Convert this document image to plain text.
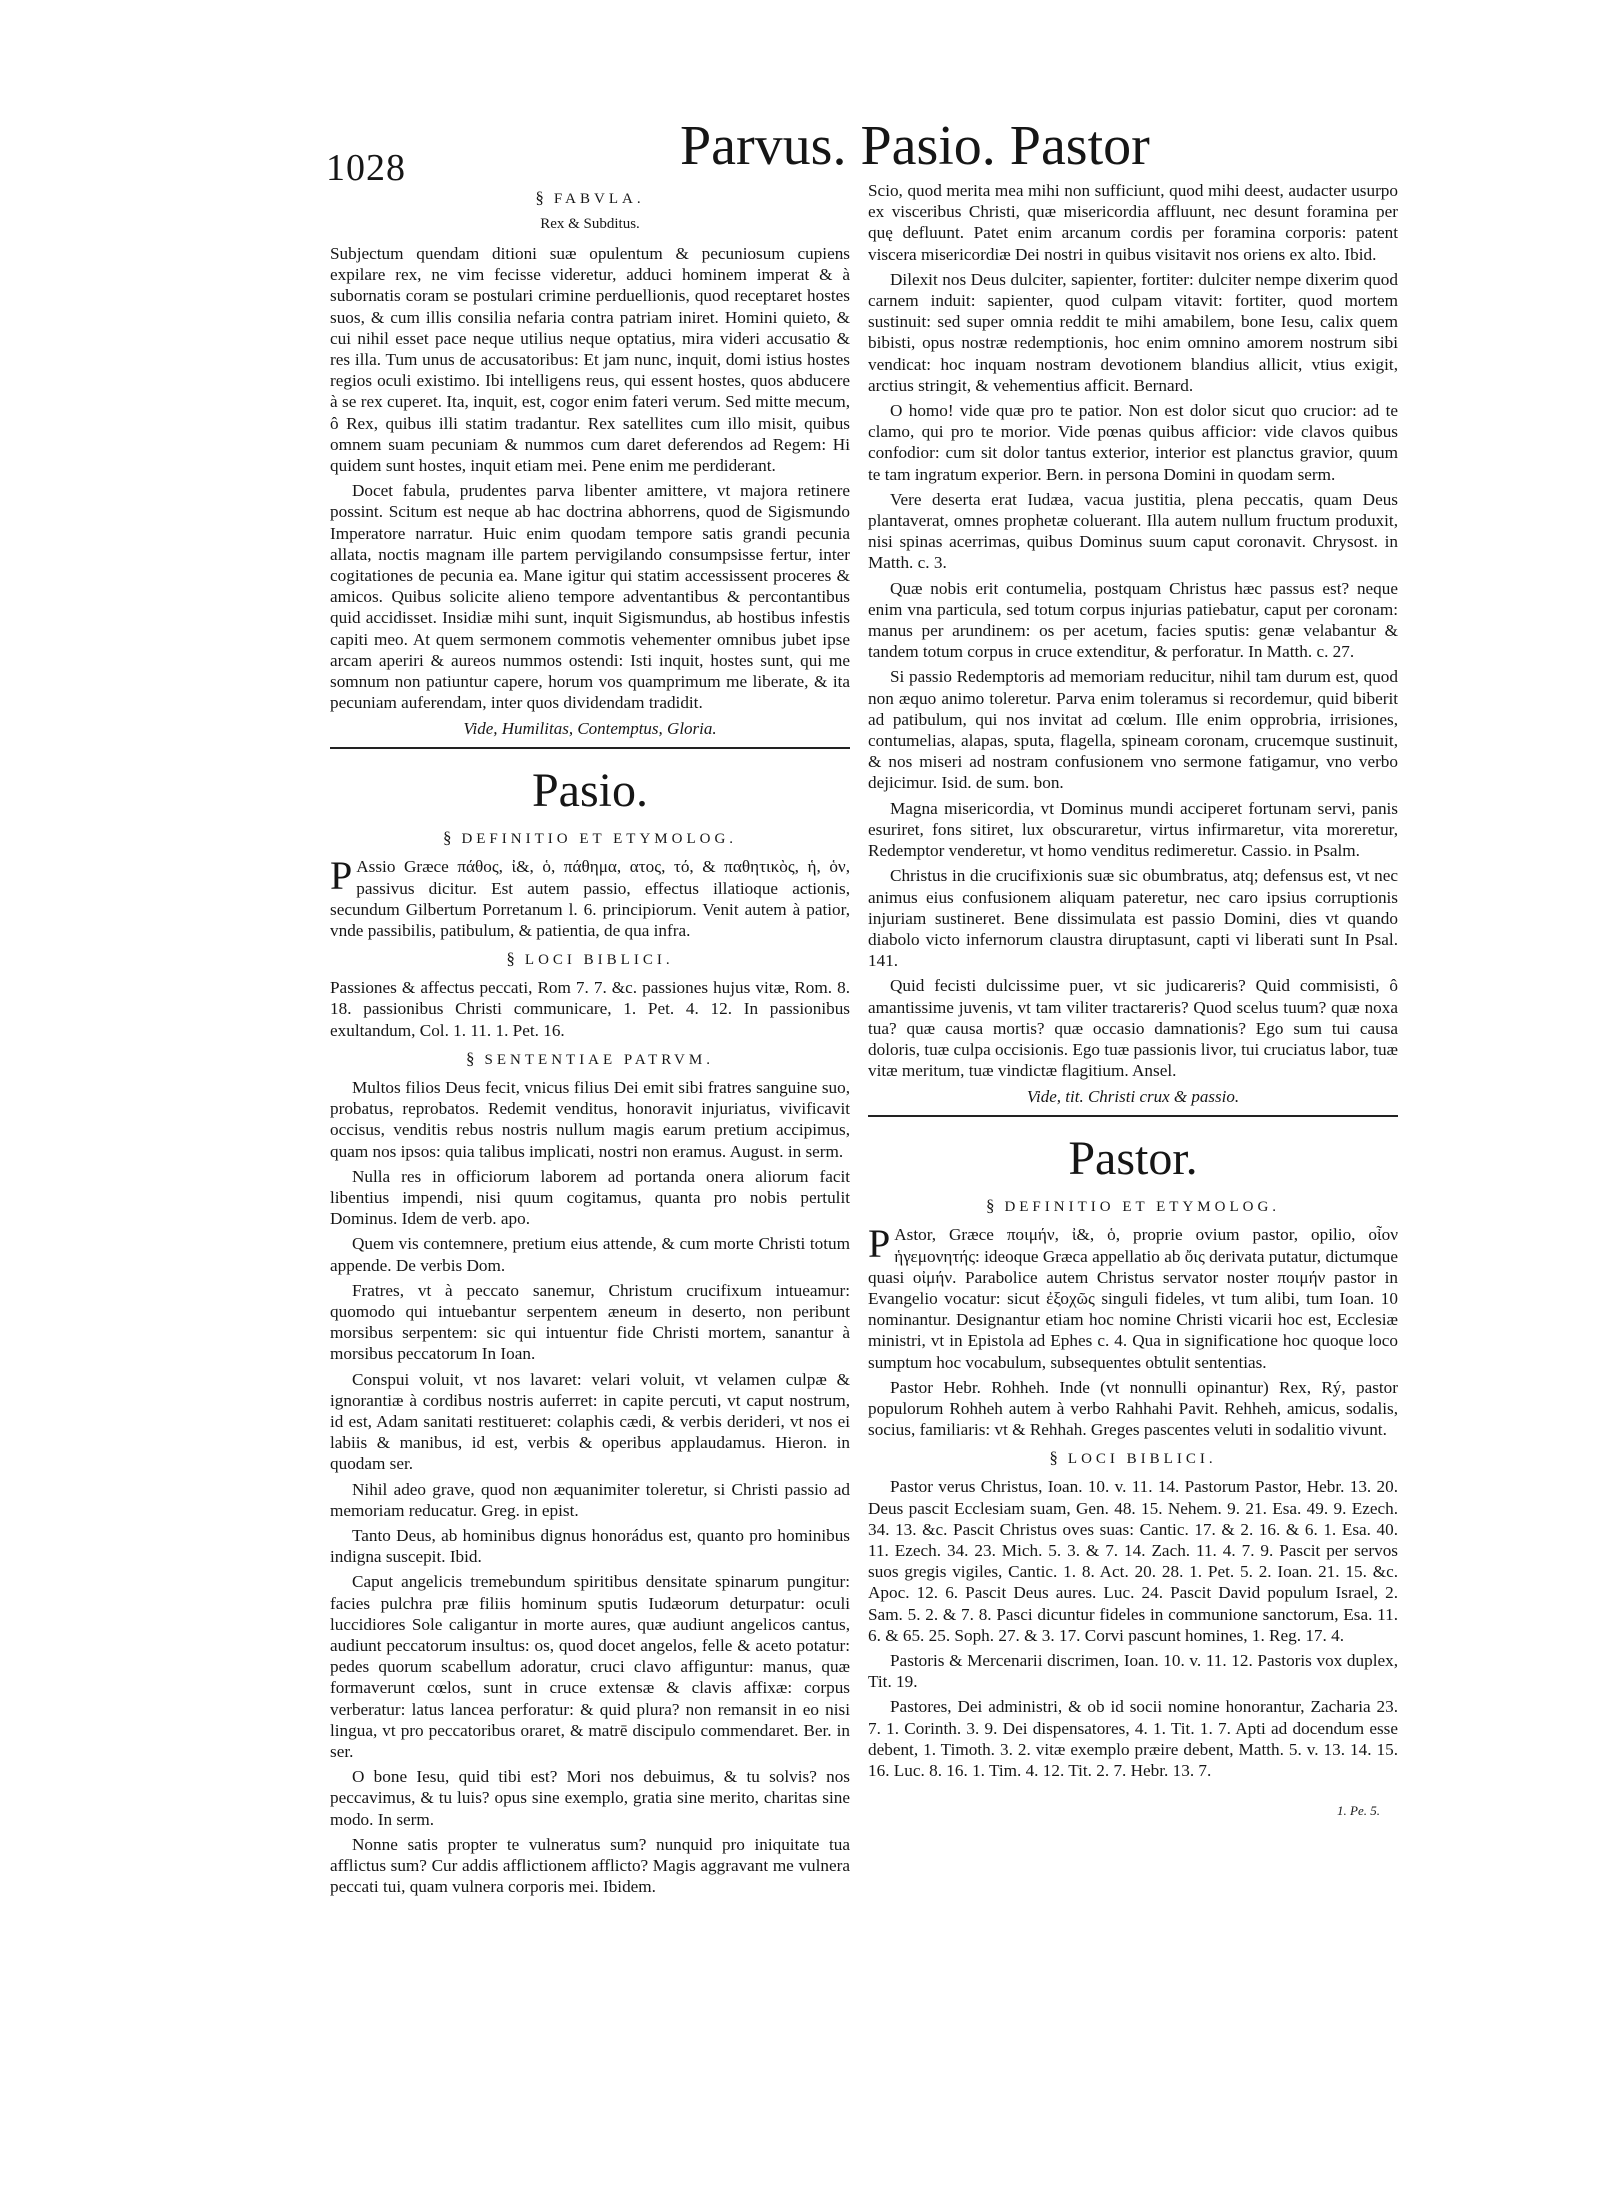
1028	Parvus. Pasio. Pastor
§ FABVLA.
Rex & Subditus.

Subjectum quendam ditioni suæ opulentum & pecuniosum cupiens expilare rex, ne vim fecisse videretur, adduci hominem imperat & à subornatis coram se postulari crimine perduellionis, quod receptaret hostes suos, & cum illis consilia nefaria contra patriam iniret. Homini quieto, & cui nihil esset pace neque utilius neque optatius, mira videri accusatio & res illa. Tum unus de accusatoribus: Et jam nunc, inquit, domi istius hostes regios oculi existimo. Ibi intelligens reus, qui essent hostes, quos abducere à se rex cuperet. Ita, inquit, est, cogor enim fateri verum. Sed mitte mecum, ô Rex, quibus illi statim tradantur. Rex satellites cum illo misit, quibus omnem suam pecuniam & nummos cum daret deferendos ad Regem: Hi quidem sunt hostes, inquit etiam mei. Pene enim me perdiderant.

Docet fabula, prudentes parva libenter amittere, vt majora retinere possint. Scitum est neque ab hac doctrina abhorrens, quod de Sigismundo Imperatore narratur. Huic enim quodam tempore satis grandi pecunia allata, noctis magnam ille partem pervigilando consumpsisse fertur, inter cogitationes de pecunia ea. Mane igitur qui statim accessissent proceres & amicos. Quibus solicite alieno tempore adventantibus & percontantibus quid accidisset. Insidiæ mihi sunt, inquit Sigismundus, ab hostibus infestis capiti meo. At quem sermonem commotis vehementer omnibus jubet ipse arcam aperiri & aureos nummos ostendi: Isti inquit, hostes sunt, qui me somnum non patiuntur capere, horum vos quamprimum me liberate, & ita pecuniam auferendam, inter quos dividendam tradidit.

Vide, Humilitas, Contemptus, Gloria.
Pasio.
§ DEFINITIO ET ETYMOLOG.

P Assio Græce πάθος, ἰ&, ὁ, πάθημα, ατος, τό, & παθητικὸς, ἡ, ὁν, passivus dicitur. Est autem passio, effectus illatioque actionis, secundum Gilbertum Porretanum l. 6. principiorum. Venit autem à patior, vnde passibilis, patibulum, & patientia, de qua infra.

§ LOCI BIBLICI.

Passiones & affectus peccati, Rom 7. 7. &c. passiones hujus vitæ, Rom. 8. 18. passionibus Christi communicare, 1. Pet. 4. 12. In passionibus exultandum, Col. 1. 11. 1. Pet. 16.

§ SENTENTIAE PATRVM.

Multos filios Deus fecit, vnicus filius Dei emit sibi fratres sanguine suo, probatus, reprobatos. Redemit venditus, honoravit injuriatus, vivificavit occisus, venditis rebus nostris nullum magis earum pretium accipimus, quam nos ipsos: quia talibus implicati, nostri non eramus. August. in serm.

Nulla res in officiorum laborem ad portanda onera aliorum facit libentius impendi, nisi quum cogitamus, quanta pro nobis pertulit Dominus. Idem de verb. apo.

Quem vis contemnere, pretium eius attende, & cum morte Christi totum appende. De verbis Dom.

Fratres, vt à peccato sanemur, Christum crucifixum intueamur: quomodo qui intuebantur serpentem æneum in deserto, non peribunt morsibus serpentem: sic qui intuentur fide Christi mortem, sanantur à morsibus peccatorum In Ioan.

Conspui voluit, vt nos lavaret: velari voluit, vt velamen culpæ & ignorantiæ à cordibus nostris auferret: in capite percuti, vt caput nostrum, id est, Adam sanitati restitueret: colaphis cædi, & verbis derideri, vt nos ei labiis & manibus, id est, verbis & operibus applaudamus. Hieron. in quodam ser.

Nihil adeo grave, quod non æquanimiter toleretur, si Christi passio ad memoriam reducatur. Greg. in epist.

Tanto Deus, ab hominibus dignus honorádus est, quanto pro hominibus indigna suscepit. Ibid.

Caput angelicis tremebundum spiritibus densitate spinarum pungitur: facies pulchra præ filiis hominum sputis Iudæorum deturpatur: oculi luccidiores Sole caligantur in morte aures, quæ audiunt angelicos cantus, audiunt peccatorum insultus: os, quod docet angelos, felle & aceto potatur: pedes quorum scabellum adoratur, cruci clavo affiguntur: manus, quæ formaverunt cœlos, sunt in cruce extensæ & clavis affixæ: corpus verberatur: latus lancea perforatur: & quid plura? non remansit in eo nisi lingua, vt pro peccatoribus oraret, & matrē discipulo commendaret. Ber. in ser.

O bone Iesu, quid tibi est? Mori nos debuimus, & tu solvis? nos peccavimus, & tu luis? opus sine exemplo, gratia sine merito, charitas sine modo. In serm.

Nonne satis propter te vulneratus sum? nunquid pro iniquitate tua afflictus sum? Cur addis afflictionem afflicto? Magis aggravant me vulnera peccati tui, quam vulnera corporis mei. Ibidem.

Scio, quod merita mea mihi non sufficiunt, quod mihi deest, audacter usurpo ex visceribus Christi, quæ misericordia affluunt, nec desunt foramina per quę defluunt. Patet enim arcanum cordis per foramina corporis: patent viscera misericordiæ Dei nostri in quibus visitavit nos oriens ex alto. Ibid.

Dilexit nos Deus dulciter, sapienter, fortiter: dulciter nempe dixerim quod carnem induit: sapienter, quod culpam vitavit: fortiter, quod mortem sustinuit: sed super omnia reddit te mihi amabilem, bone Iesu, calix quem bibisti, opus nostræ redemptionis, hoc enim omnino amorem nostrum sibi vendicat: hoc inquam nostram devotionem blandius allicit, vtius exigit, arctius stringit, & vehementius afficit. Bernard.

O homo! vide quæ pro te patior. Non est dolor sicut quo crucior: ad te clamo, qui pro te morior. Vide pœnas quibus afficior: vide clavos quibus confodior: cum sit dolor tantus exterior, interior est planctus gravior, quum te tam ingratum experior. Bern. in persona Domini in quodam serm.

Vere deserta erat Iudæa, vacua justitia, plena peccatis, quam Deus plantaverat, omnes prophetæ coluerant. Illa autem nullum fructum produxit, nisi spinas acerrimas, quibus Dominus suum caput coronavit. Chrysost. in Matth. c. 3.

Quæ nobis erit contumelia, postquam Christus hæc passus est? neque enim vna particula, sed totum corpus injurias patiebatur, caput per coronam: manus per arundinem: os per acetum, facies sputis: genæ velabantur & tandem totum corpus in cruce extenditur, & perforatur. In Matth. c. 27.

Si passio Redemptoris ad memoriam reducitur, nihil tam durum est, quod non æquo animo toleretur. Parva enim toleramus si recordemur, quid biberit ad patibulum, qui nos invitat ad cœlum. Ille enim opprobria, irrisiones, contumelias, alapas, sputa, flagella, spineam coronam, crucemque sustinuit, & nos miseri ad nostram confusionem vno sermone fatigamur, vno verbo dejicimur. Isid. de sum. bon.

Magna misericordia, vt Dominus mundi acciperet fortunam servi, panis esuriret, fons sitiret, lux obscuraretur, virtus infirmaretur, vita moreretur, Redemptor venderetur, vt homo venditus redimeretur. Cassio. in Psalm.

Christus in die crucifixionis suæ sic obumbratus, atq; defensus est, vt nec animus eius confusionem aliquam pateretur, nec caro ipsius corruptionis injuriam sustineret. Bene dissimulata est passio Domini, dies vt quando diabolo victo infernorum claustra diruptasunt, capti vi liberati sunt In Psal. 141.

Quid fecisti dulcissime puer, vt sic judicareris? Quid commisisti, ô amantissime juvenis, vt tam viliter tractareris? Quod scelus tuum? quæ noxa tua? quæ causa mortis? quæ occasio damnationis? Ego sum tui causa doloris, tuæ culpa occisionis. Ego tuæ passionis livor, tui cruciatus labor, tuæ vitæ meritum, tuæ vindictæ flagitium. Ansel.

Vide, tit. Christi crux & passio.
Pastor.
§ DEFINITIO ET ETYMOLOG.

P Astor, Græce ποιμήν, ἰ&, ὁ, proprie ovium pastor, opilio, οἶον ἡγεμονητής: ideoque Græca appellatio ab ὄις derivata putatur, dictumque quasi οἰμήν. Parabolice autem Christus servator noster ποιμήν pastor in Evangelio vocatur: sicut ἐξοχῶς singuli fideles, vt tum alibi, tum Ioan. 10 nominantur. Designantur etiam hoc nomine Christi vicarii hoc est, Ecclesiæ ministri, vt in Epistola ad Ephes c. 4. Qua in significatione hoc quoque loco sumptum hoc vocabulum, subsequentes obtulit sententias.

Pastor Hebr. Rohheh. Inde (vt nonnulli opinantur) Rex, Rý, pastor populorum Rohheh autem à verbo Rahhahi Pavit. Rehheh, amicus, sodalis, socius, familiaris: vt & Rehhah. Greges pascentes veluti in sodalitio vivunt.

§ LOCI BIBLICI.

Pastor verus Christus, Ioan. 10. v. 11. 14. Pastorum Pastor, Hebr. 13. 20. Deus pascit Ecclesiam suam, Gen. 48. 15. Nehem. 9. 21. Esa. 49. 9. Ezech. 34. 13. &c. Pascit Christus oves suas: Cantic. 17. & 2. 16. & 6. 1. Esa. 40. 11. Ezech. 34. 23. Mich. 5. 3. & 7. 14. Zach. 11. 4. 7. 9. Pascit per servos suos gregis vigiles, Cantic. 1. 8. Act. 20. 28. 1. Pet. 5. 2. Ioan. 21. 15. &c. Apoc. 12. 6. Pascit Deus aures. Luc. 24. Pascit David populum Israel, 2. Sam. 5. 2. & 7. 8. Pasci dicuntur fideles in communione sanctorum, Esa. 11. 6. & 65. 25. Soph. 27. & 3. 17. Corvi pascunt homines, 1. Reg. 17. 4.

Pastoris & Mercenarii discrimen, Ioan. 10. v. 11. 12. Pastoris vox duplex, Tit. 19.

Pastores, Dei administri, & ob id socii nomine honorantur, Zacharia 23. 7. 1. Corinth. 3. 9. Dei dispensatores, 4. 1. Tit. 1. 7. Apti ad docendum esse debent, 1. Timoth. 3. 2. vitæ exemplo præire debent, Matth. 5. v. 13. 14. 15. 16. Luc. 8. 16. 1. Tim. 4. 12. Tit. 2. 7. Hebr. 13. 7.

1. Pe. 5.
